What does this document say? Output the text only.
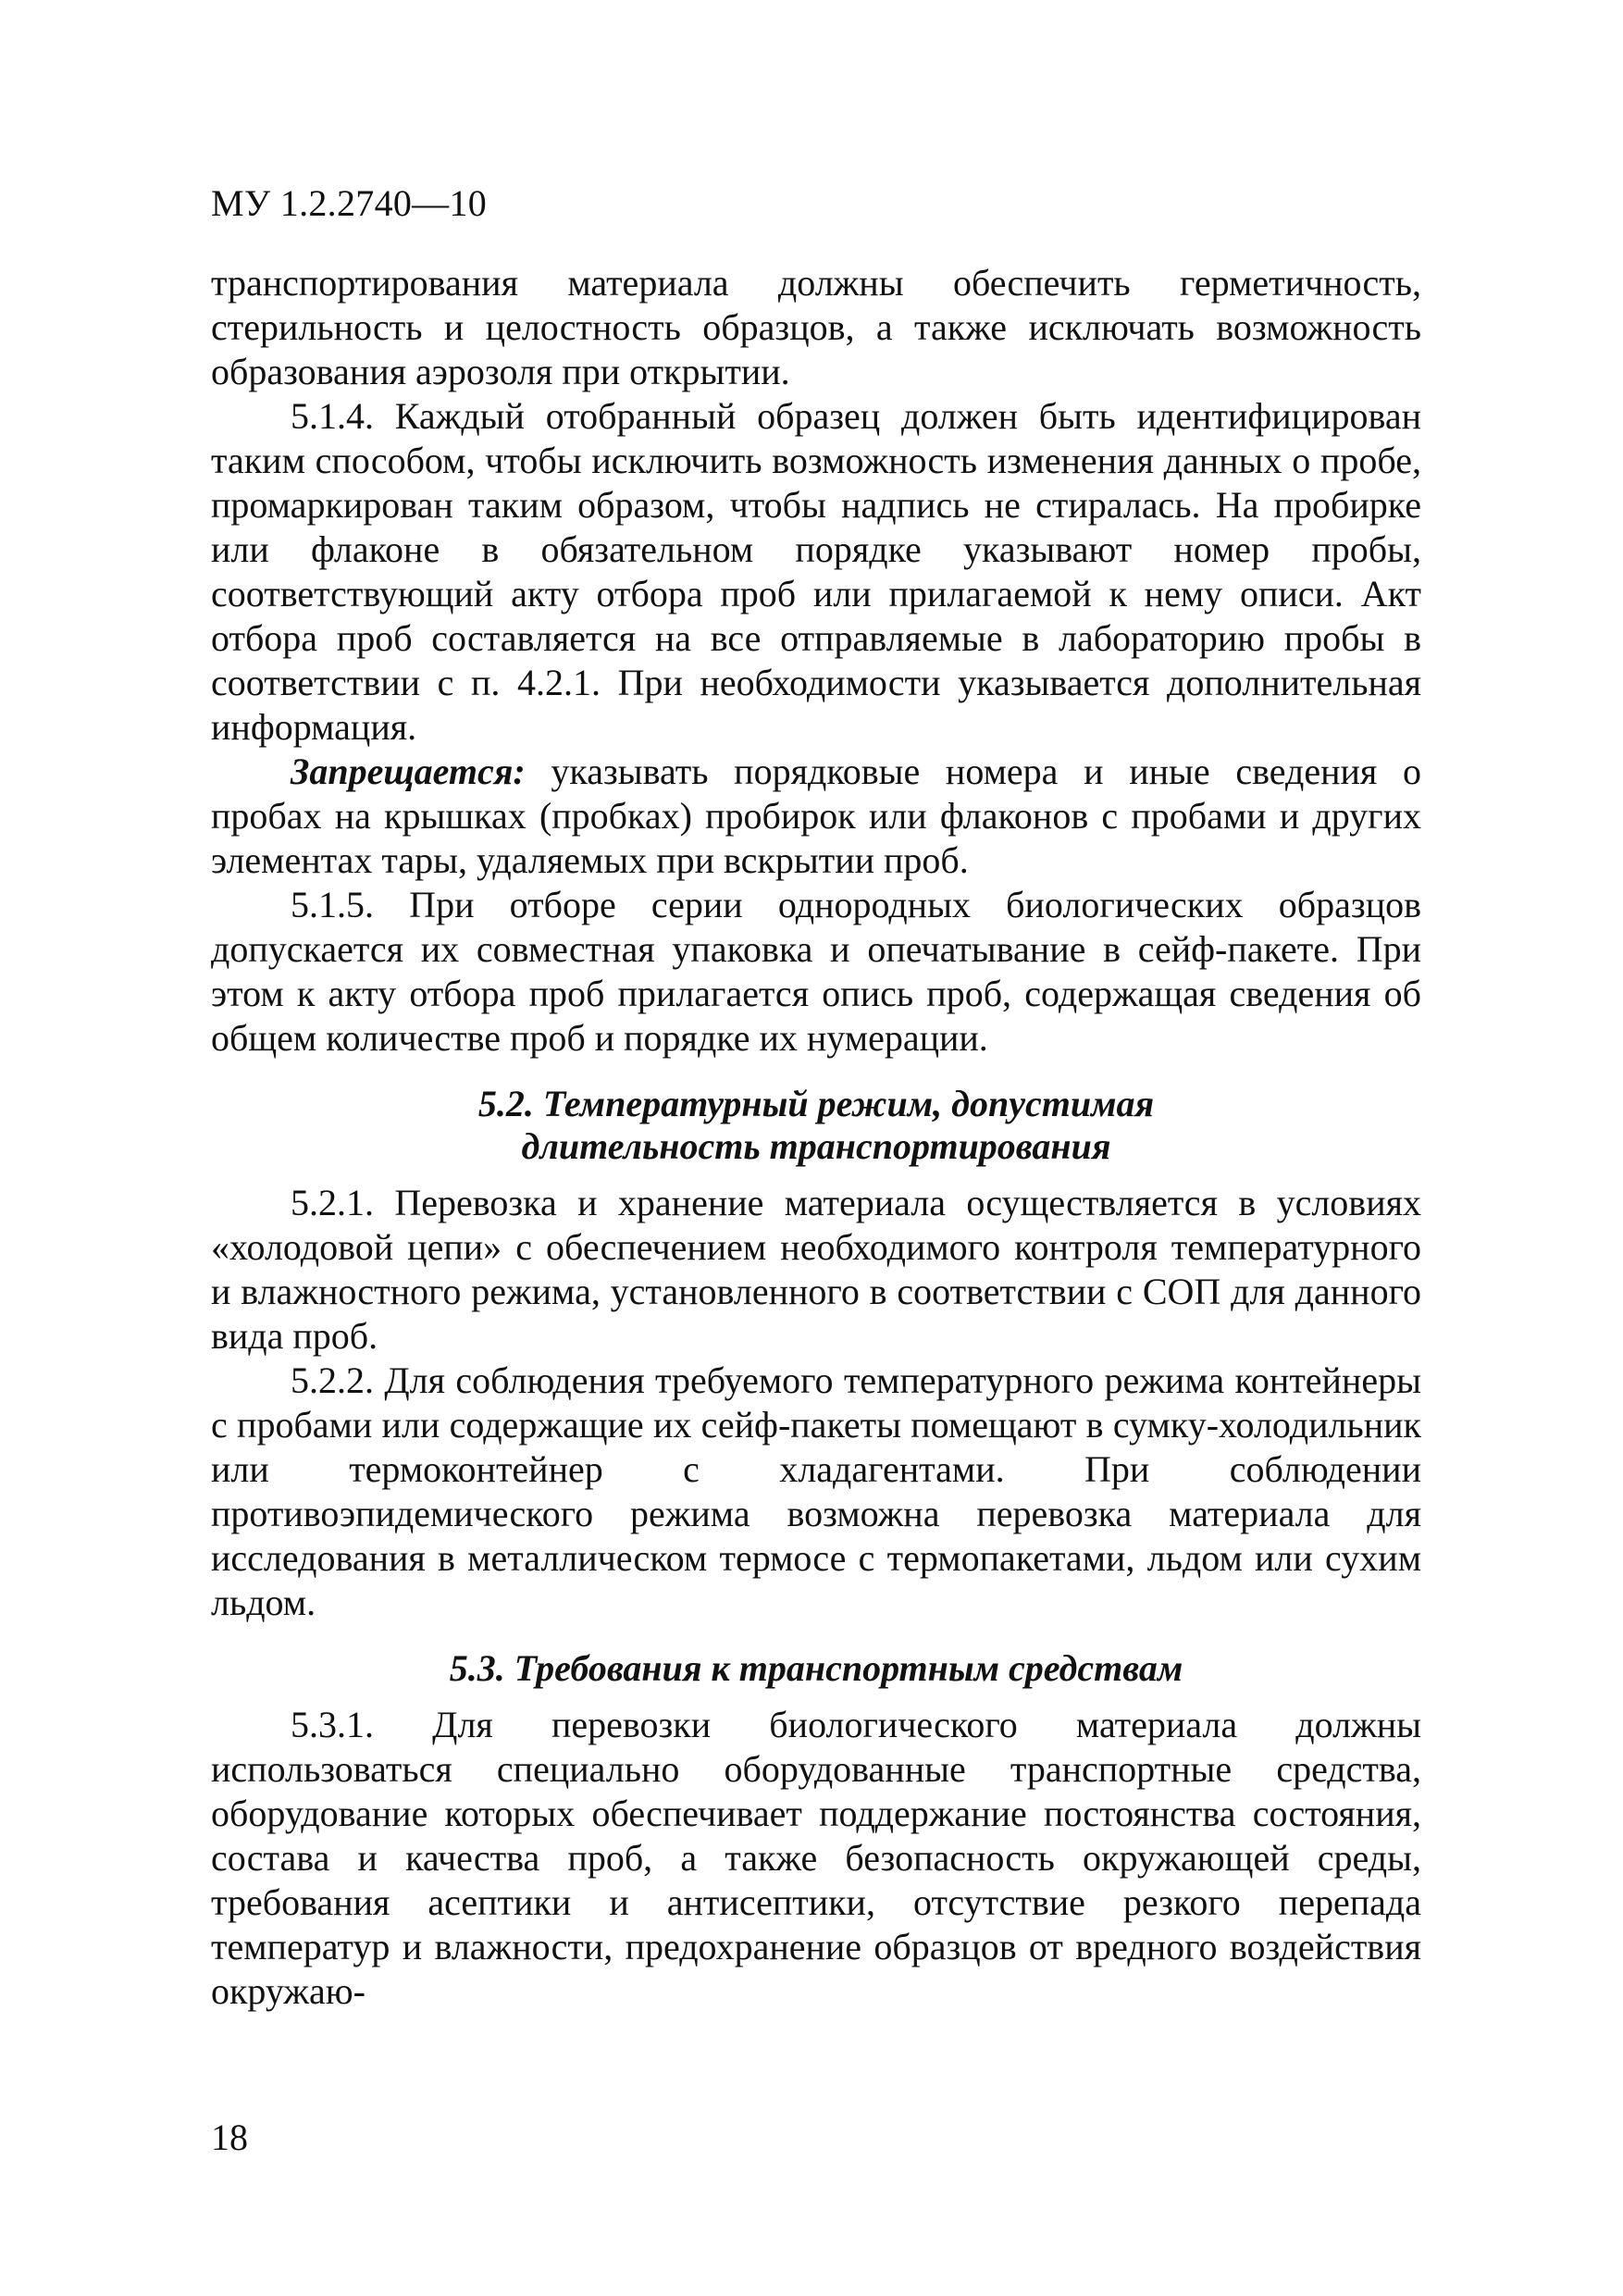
МУ 1.2.2740—10

транспортирования материала должны обеспечить герметичность, стерильность и целостность образцов, а также исключать возможность образования аэрозоля при открытии.

5.1.4. Каждый отобранный образец должен быть идентифицирован таким способом, чтобы исключить возможность изменения данных о пробе, промаркирован таким образом, чтобы надпись не стиралась. На пробирке или флаконе в обязательном порядке указывают номер пробы, соответствующий акту отбора проб или прилагаемой к нему описи. Акт отбора проб составляется на все отправляемые в лабораторию пробы в соответствии с п. 4.2.1. При необходимости указывается дополнительная информация.

Запрещается: указывать порядковые номера и иные сведения о пробах на крышках (пробках) пробирок или флаконов с пробами и других элементах тары, удаляемых при вскрытии проб.

5.1.5. При отборе серии однородных биологических образцов допускается их совместная упаковка и опечатывание в сейф-пакете. При этом к акту отбора проб прилагается опись проб, содержащая сведения об общем количестве проб и порядке их нумерации.

5.2. Температурный режим, допустимая
длительность транспортирования

5.2.1. Перевозка и хранение материала осуществляется в условиях «холодовой цепи» с обеспечением необходимого контроля температурного и влажностного режима, установленного в соответствии с СОП для данного вида проб.

5.2.2. Для соблюдения требуемого температурного режима контейнеры с пробами или содержащие их сейф-пакеты помещают в сумку-холодильник или термоконтейнер с хладагентами. При соблюдении противоэпидемического режима возможна перевозка материала для исследования в металлическом термосе с термопакетами, льдом или сухим льдом.

5.3. Требования к транспортным средствам

5.3.1. Для перевозки биологического материала должны использоваться специально оборудованные транспортные средства, оборудование которых обеспечивает поддержание постоянства состояния, состава и качества проб, а также безопасность окружающей среды, требования асептики и антисептики, отсутствие резкого перепада температур и влажности, предохранение образцов от вредного воздействия окружаю-

18
